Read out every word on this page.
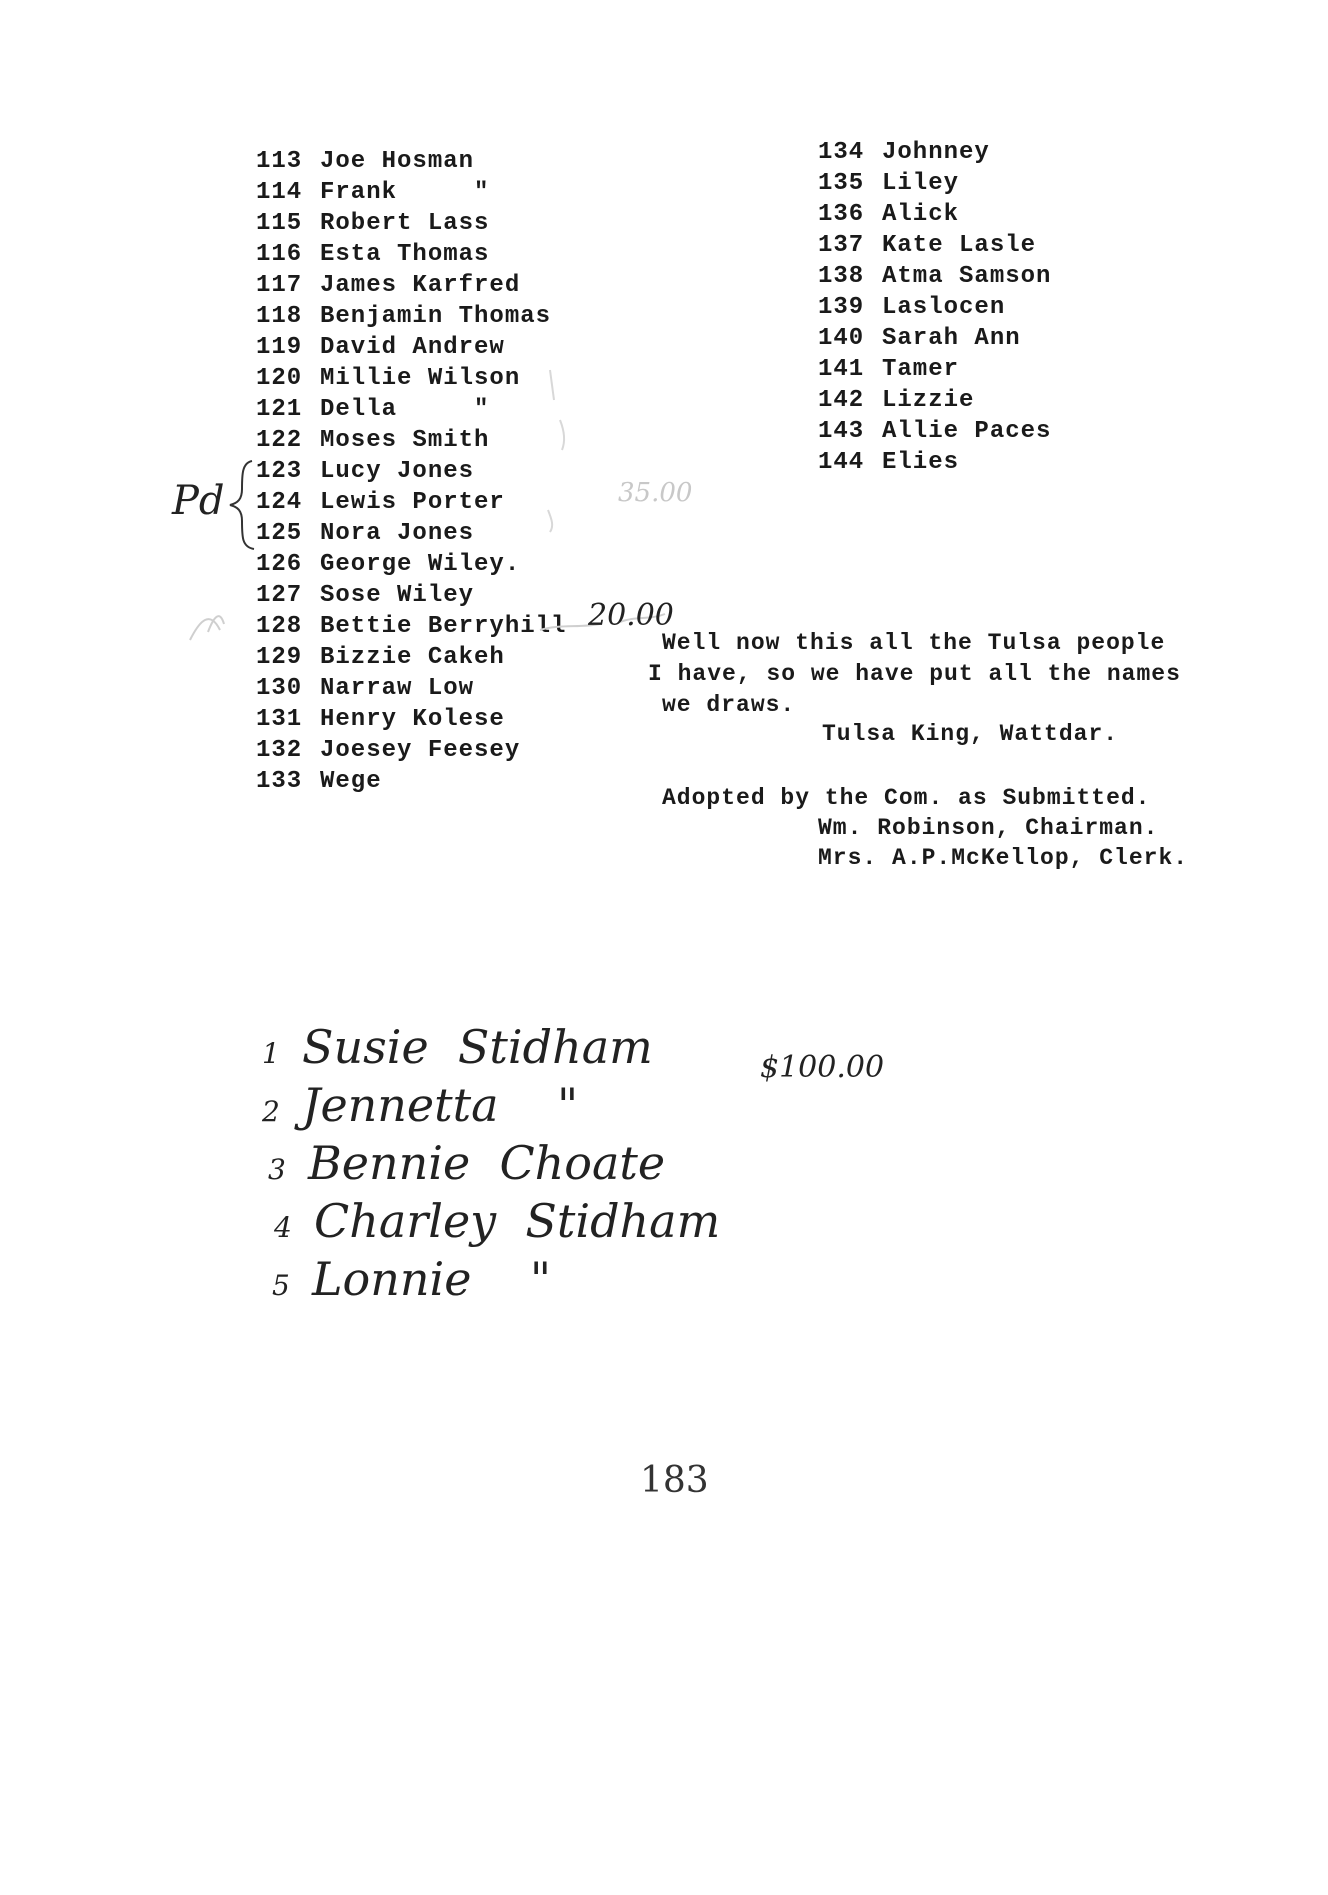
113 Joe Hosman
114 Frank     "
115 Robert Lass
116 Esta Thomas
117 James Karfred
118 Benjamin Thomas
119 David Andrew
120 Millie Wilson
121 Della     "
122 Moses Smith
123 Lucy Jones
124 Lewis Porter
125 Nora Jones
126 George Wiley.
127 Sose Wiley
128 Bettie Berryhill
129 Bizzie Cakeh
130 Narraw Low
131 Henry Kolese
132 Joesey Feesey
133 Wege
134 Johnney
135 Liley
136 Alick
137 Kate Lasle
138 Atma Samson
139 Laslocen
140 Sarah Ann
141 Tamer
142 Lizzie
143 Allie Paces
144 Elies
Pd	35.00
20.00
Well now this all the Tulsa people
I have, so we have put all the names
we draws.
Tulsa King, Wattdar.
Adopted by the Com. as Submitted.
Wm. Robinson, Chairman.
Mrs. A.P.McKellop, Clerk.
1 Susie  Stidham
2 Jennetta    "
3 Bennie  Choate
4 Charley  Stidham
5 Lonnie    "
$100.00
183
